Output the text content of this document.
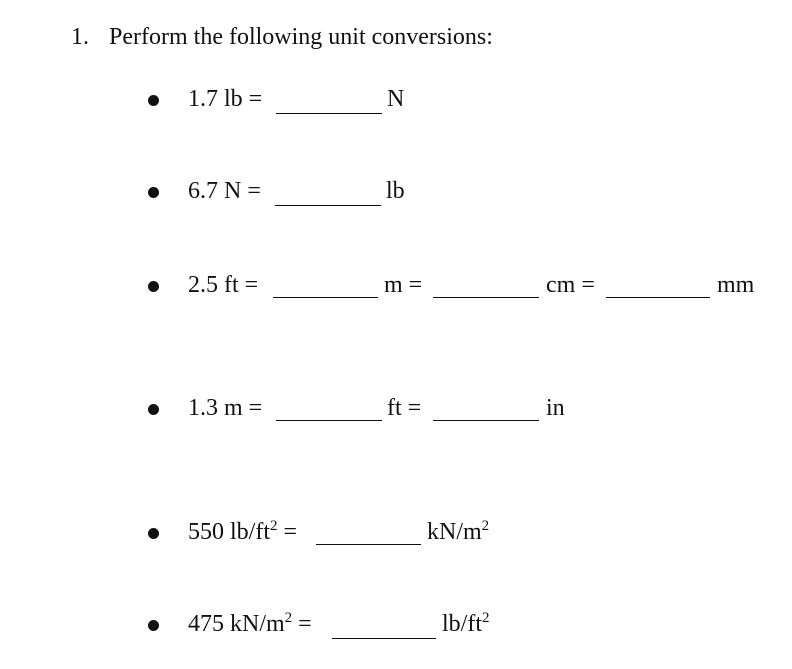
1. Perform the following unit conversions:
1.7 lb =	N
6.7 N =	lb
2.5 ft =	m =	cm =	mm
1.3 m =	ft =	in
550 $lb/ft^2$ =	$kN/m^2$
475 $kN/m^2$ =	$lb/ft^2$
